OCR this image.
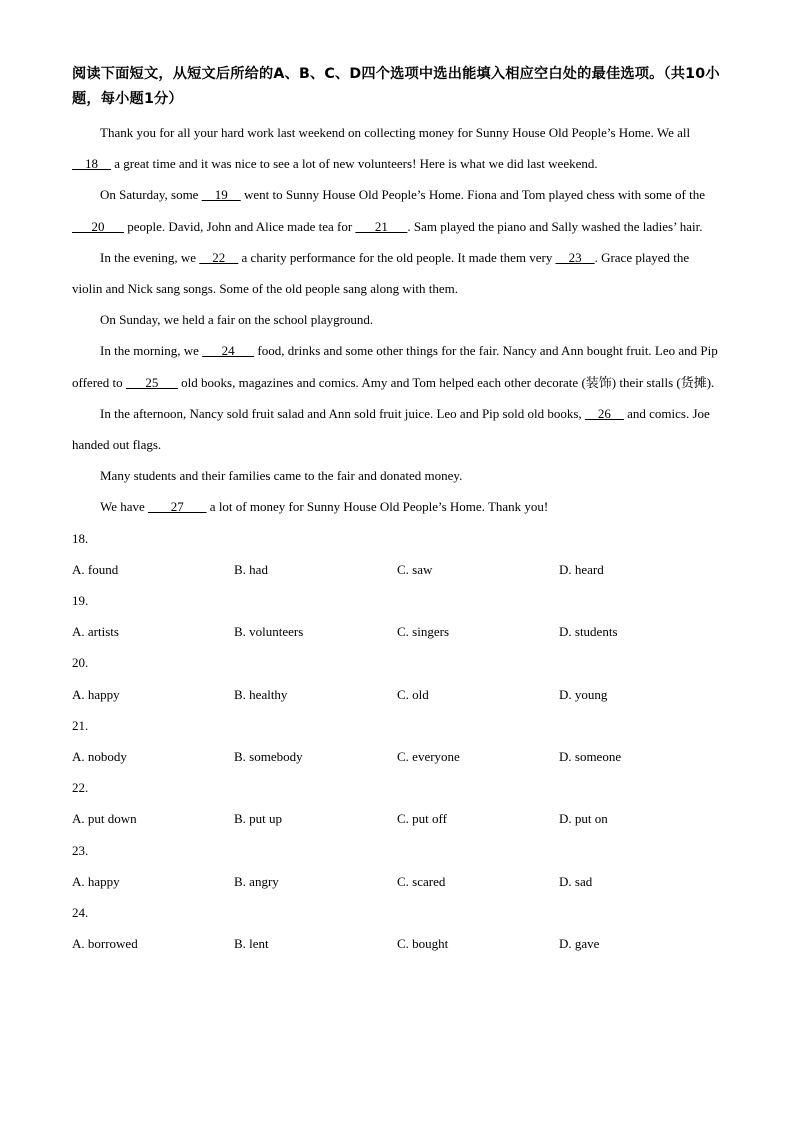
阅读下面短文，从短文后所给的A、B、C、D四个选项中选出能填入相应空白处的最佳选项。（共10小题，每小题1分）

Thank you for all your hard work last weekend on collecting money for Sunny House Old People’s Home. We all     18     a great time and it was nice to see a lot of new volunteers! Here is what we did last weekend.

On Saturday, some     19     went to Sunny House Old People’s Home. Fiona and Tom played chess with some of the       20       people. David, John and Alice made tea for       21      . Sam played the piano and Sally washed the ladies’ hair.

In the evening, we     22     a charity performance for the old people. It made them very     23    . Grace played the violin and Nick sang songs. Some of the old people sang along with them.

On Sunday, we held a fair on the school playground.

In the morning, we       24       food, drinks and some other things for the fair. Nancy and Ann bought fruit. Leo and Pip offered to       25       old books, magazines and comics. Amy and Tom helped each other decorate (装饰) their stalls (货摊).

In the afternoon, Nancy sold fruit salad and Ann sold fruit juice. Leo and Pip sold old books,     26     and comics. Joe handed out flags.

Many students and their families came to the fair and donated money.

We have        27        a lot of money for Sunny House Old People’s Home. Thank you!

18.

A. found	B. had	C. saw	D. heard

19.

A. artists	B. volunteers	C. singers	D. students

20.

A. happy	B. healthy	C. old	D. young

21.

A. nobody	B. somebody	C. everyone	D. someone

22.

A. put down	B. put up	C. put off	D. put on

23.

A. happy	B. angry	C. scared	D. sad

24.

A. borrowed	B. lent	C. bought	D. gave
